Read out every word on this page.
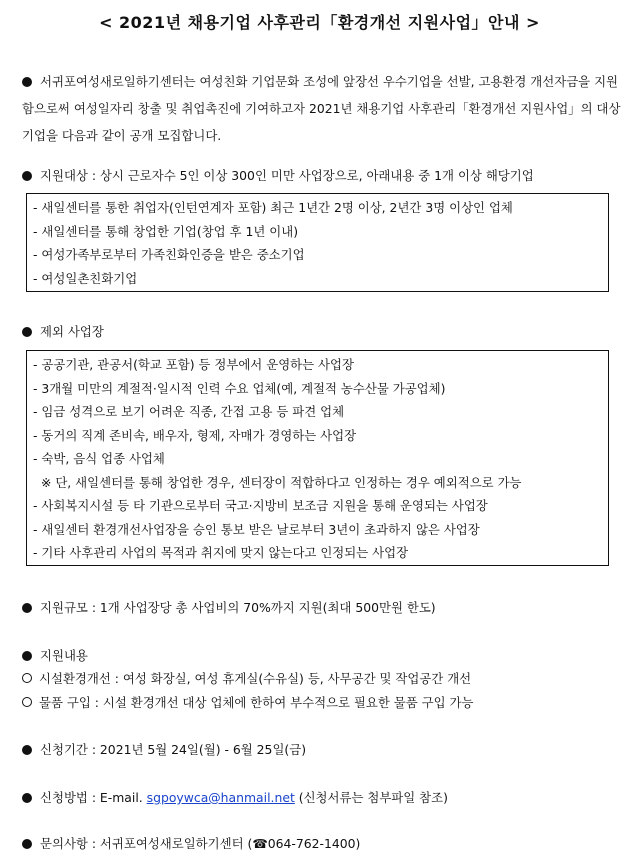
< 2021년 채용기업 사후관리「환경개선 지원사업」안내 >
서귀포여성새로일하기센터는 여성친화 기업문화 조성에 앞장선 우수기업을 선발, 고용환경 개선자금을 지원함으로써 여성일자리 창출 및 취업촉진에 기여하고자 2021년 채용기업 사후관리「환경개선 지원사업」의 대상기업을 다음과 같이 공개 모집합니다.
지원대상 : 상시 근로자수 5인 이상 300인 미만 사업장으로, 아래내용 중 1개 이상 해당기업
- 새일센터를 통한 취업자(인턴연계자 포함) 최근 1년간 2명 이상, 2년간 3명 이상인 업체
- 새일센터를 통해 창업한 기업(창업 후 1년 이내)
- 여성가족부로부터 가족친화인증을 받은 중소기업
- 여성일촌친화기업
제외 사업장
- 공공기관, 관공서(학교 포함) 등 정부에서 운영하는 사업장
- 3개월 미만의 계절적·일시적 인력 수요 업체(예, 계절적 농수산물 가공업체)
- 임금 성격으로 보기 어려운 직종, 간접 고용 등 파견 업체
- 동거의 직계 존비속, 배우자, 형제, 자매가 경영하는 사업장
- 숙박, 음식 업종 사업체
※ 단, 새일센터를 통해 창업한 경우, 센터장이 적합하다고 인정하는 경우 예외적으로 가능
- 사회복지시설 등 타 기관으로부터 국고·지방비 보조금 지원을 통해 운영되는 사업장
- 새일센터 환경개선사업장을 승인 통보 받은 날로부터 3년이 초과하지 않은 사업장
- 기타 사후관리 사업의 목적과 취지에 맞지 않는다고 인정되는 사업장
지원규모 : 1개 사업장당 총 사업비의 70%까지 지원(최대 500만원 한도)
지원내용
시설환경개선 : 여성 화장실, 여성 휴게실(수유실) 등, 사무공간 및 작업공간 개선
물품 구입 : 시설 환경개선 대상 업체에 한하여 부수적으로 필요한 물품 구입 가능
신청기간 : 2021년 5월 24일(월) - 6월 25일(금)
신청방법 : E-mail. sgpoywca@hanmail.net (신청서류는 첨부파일 참조)
문의사항 : 서귀포여성새로일하기센터 (☎064-762-1400)
